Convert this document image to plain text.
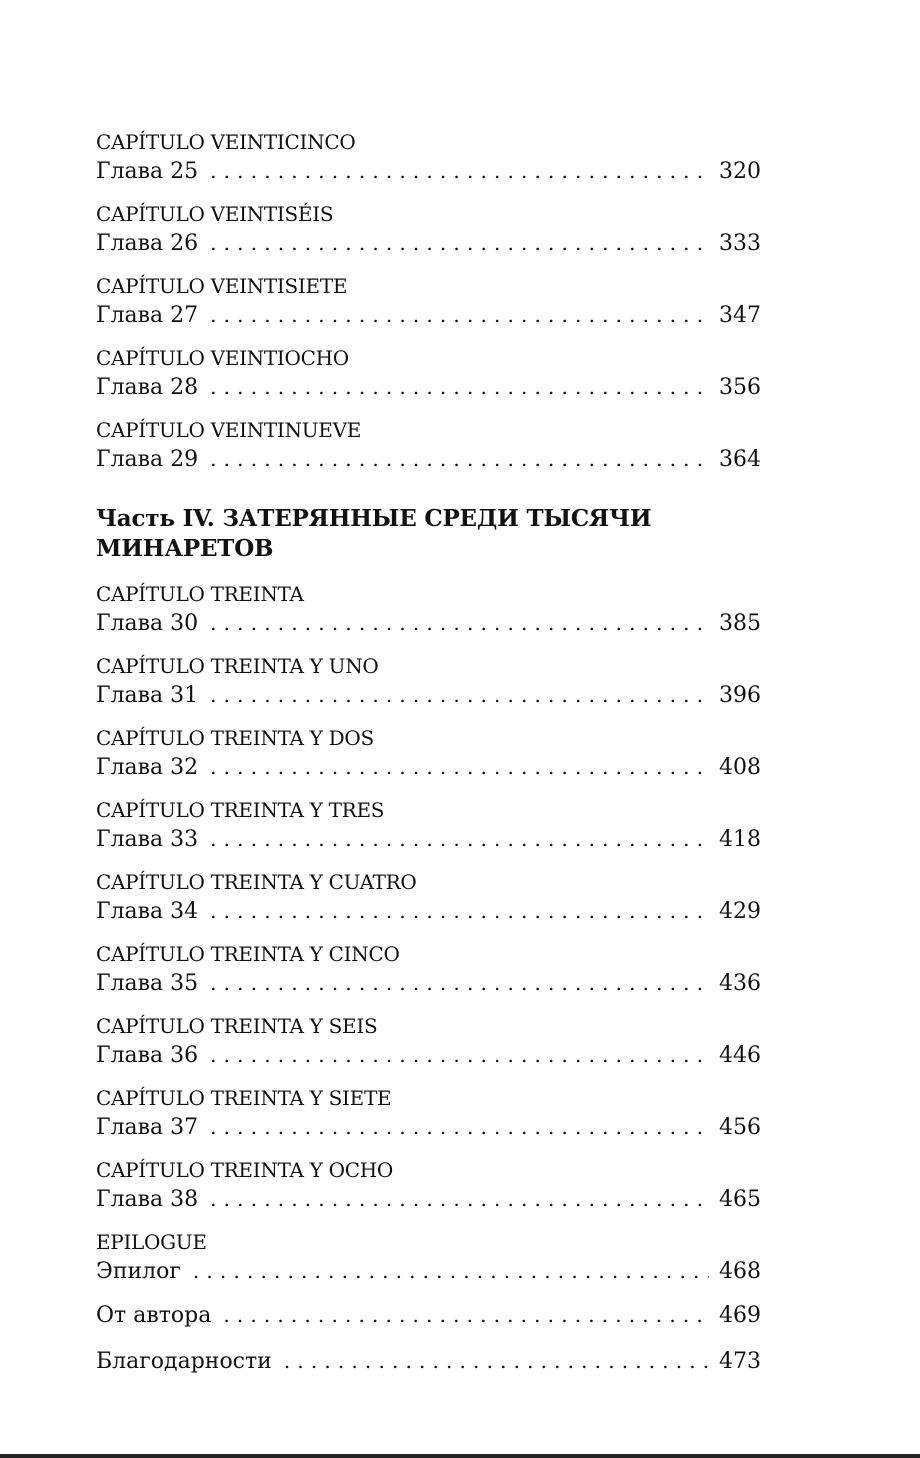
CAPÍTULO VEINTICINCO
Глава 25 . . .	320
CAPÍTULO VEINTISÉIS
Глава 26 . . .	333
CAPÍTULO VEINTISIETE
Глава 27 . . .	347
CAPÍTULO VEINTIOCHO
Глава 28 . . .	356
CAPÍTULO VEINTINUEVE
Глава 29 . . .	364
Часть IV. ЗАТЕРЯННЫЕ СРЕДИ ТЫСЯЧИ МИНАРЕТОВ
CAPÍTULO TREINTA
Глава 30 . . .	385
CAPÍTULO TREINTA Y UNO
Глава 31 . . .	396
CAPÍTULO TREINTA Y DOS
Глава 32 . . .	408
CAPÍTULO TREINTA Y TRES
Глава 33 . . .	418
CAPÍTULO TREINTA Y CUATRO
Глава 34 . . .	429
CAPÍTULO TREINTA Y CINCO
Глава 35 . . .	436
CAPÍTULO TREINTA Y SEIS
Глава 36 . . .	446
CAPÍTULO TREINTA Y SIETE
Глава 37 . . .	456
CAPÍTULO TREINTA Y OCHO
Глава 38 . . .	465
EPILOGUE
Эпилог . . .	468
От автора . . .	469
Благодарности . . .	473
